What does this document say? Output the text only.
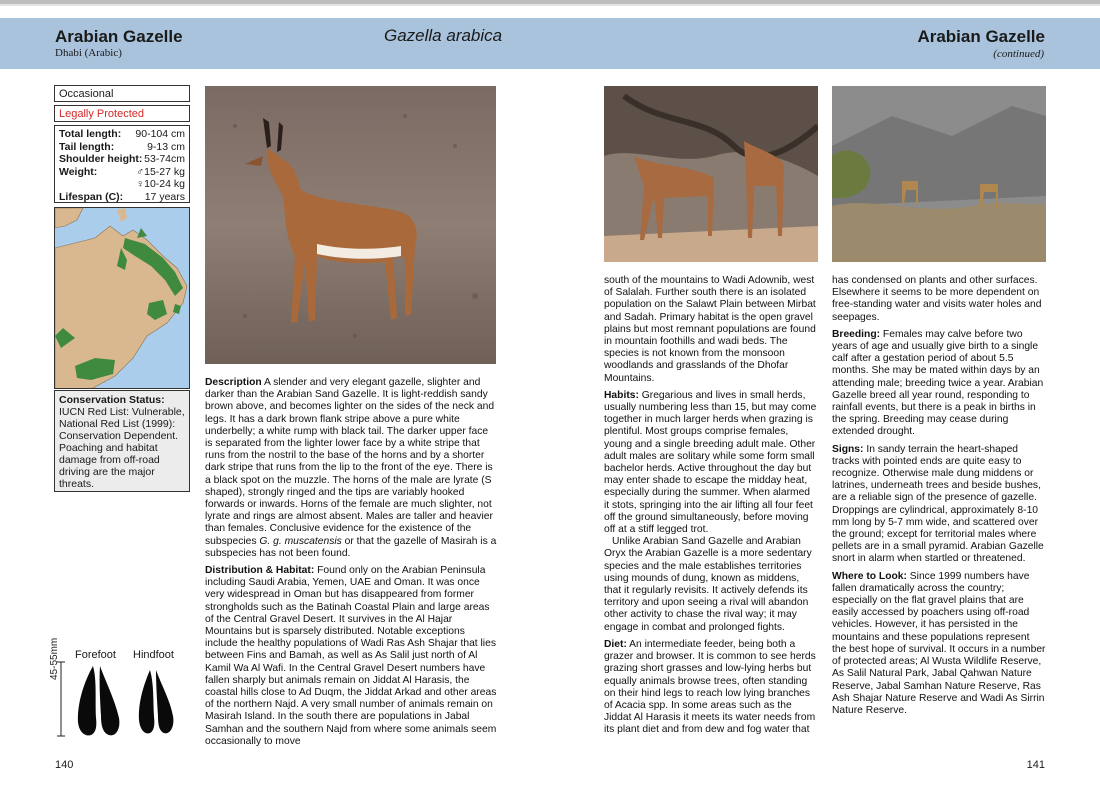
Arabian Gazelle
Dhabi (Arabic)
Gazella arabica	Arabian Gazelle
(continued)
Occasional
Legally Protected
Total length: 90-104 cm
Tail length:	9-13 cm
Shoulder height: 53-74cm
Weight:	♂15-27 kg
♀10-24 kg
Lifespan (C): 17 years
Conservation Status:
IUCN Red List: Vulnerable, National Red List (1999): Conservation Dependent. Poaching and habitat damage from off-road driving are the major threats.
Forefoot Hindfoot
45-55mm

Description A slender and very elegant gazelle, slighter and darker than the Arabian Sand Gazelle. It is light-reddish sandy brown above, and becomes lighter on the sides of the neck and legs. It has a dark brown flank stripe above a pure white underbelly; a white rump with black tail. The darker upper face is separated from the lighter lower face by a white stripe that runs from the nostril to the base of the horns and by a shorter dark stripe that runs from the lip to the front of the eye. There is a black spot on the muzzle. The horns of the male are lyrate (S shaped), strongly ringed and the tips are variably hooked forwards or inwards. Horns of the female are much slighter, not lyrate and rings are almost absent. Males are taller and heavier than females. Conclusive evidence for the existence of the subspecies G. g. muscatensis or that the gazelle of Masirah is a subspecies has not been found.

Distribution & Habitat: Found only on the Arabian Peninsula including Saudi Arabia, Yemen, UAE and Oman. It was once very widespread in Oman but has disappeared from former strongholds such as the Batinah Coastal Plain and large areas of the Central Gravel Desert. It survives in the Al Hajar Mountains but is sparsely distributed. Notable exceptions include the healthy populations of Wadi Ras Ash Shajar that lies between Fins and Bamah, as well as As Salil just north of Al Kamil Wa Al Wafi. In the Central Gravel Desert numbers have fallen sharply but animals remain on Jiddat Al Harasis, the coastal hills close to Ad Duqm, the Jiddat Arkad and other areas of the northern Najd. A very small number of animals remain on Masirah Island. In the south there are populations in Jabal Samhan and the southern Najd from where some animals seem occasionally to move

south of the mountains to Wadi Adownib, west of Salalah. Further south there is an isolated population on the Salawt Plain between Mirbat and Sadah. Primary habitat is the open gravel plains but most remnant populations are found in mountain foothills and wadi beds. The species is not known from the monsoon woodlands and grasslands of the Dhofar Mountains.

Habits: Gregarious and lives in small herds, usually numbering less than 15, but may come together in much larger herds when grazing is plentiful. Most groups comprise females, young and a single breeding adult male. Other adult males are solitary while some form small bachelor herds. Active throughout the day but may enter shade to escape the midday heat, especially during the summer. When alarmed it stots, springing into the air lifting all four feet off the ground simultaneously, before moving off at a stiff legged trot.

Unlike Arabian Sand Gazelle and Arabian Oryx the Arabian Gazelle is a more sedentary species and the male establishes territories using mounds of dung, known as middens, that it regularly revisits. It actively defends its territory and upon seeing a rival will abandon other activity to chase the rival way; it may engage in combat and prolonged fights.

Diet: An intermediate feeder, being both a grazer and browser. It is common to see herds grazing short grasses and low-lying herbs but equally animals browse trees, often standing on their hind legs to reach low lying branches of Acacia spp. In some areas such as the Jiddat Al Harasis it meets its water needs from its plant diet and from dew and fog water that

has condensed on plants and other surfaces. Elsewhere it seems to be more dependent on free-standing water and visits water holes and seepages.

Breeding: Females may calve before two years of age and usually give birth to a single calf after a gestation period of about 5.5 months. She may be mated within days by an attending male; breeding twice a year. Arabian Gazelle breed all year round, responding to rainfall events, but there is a peak in births in the spring. Breeding may cease during extended drought.

Signs: In sandy terrain the heart-shaped tracks with pointed ends are quite easy to recognize. Otherwise male dung middens or latrines, underneath trees and beside bushes, are a reliable sign of the presence of gazelle. Droppings are cylindrical, approximately 8-10 mm long by 5-7 mm wide, and scattered over the ground; except for territorial males where pellets are in a small pyramid. Arabian Gazelle snort in alarm when startled or threatened.

Where to Look: Since 1999 numbers have fallen dramatically across the country; especially on the flat gravel plains that are easily accessed by poachers using off-road vehicles. However, it has persisted in the mountains and these populations represent the best hope of survival. It occurs in a number of protected areas; Al Wusta Wildlife Reserve, As Salil Natural Park, Jabal Qahwan Nature Reserve, Jabal Samhan Nature Reserve, Ras Ash Shajar Nature Reserve and Wadi As Sirrin Nature Reserve.

140	141
